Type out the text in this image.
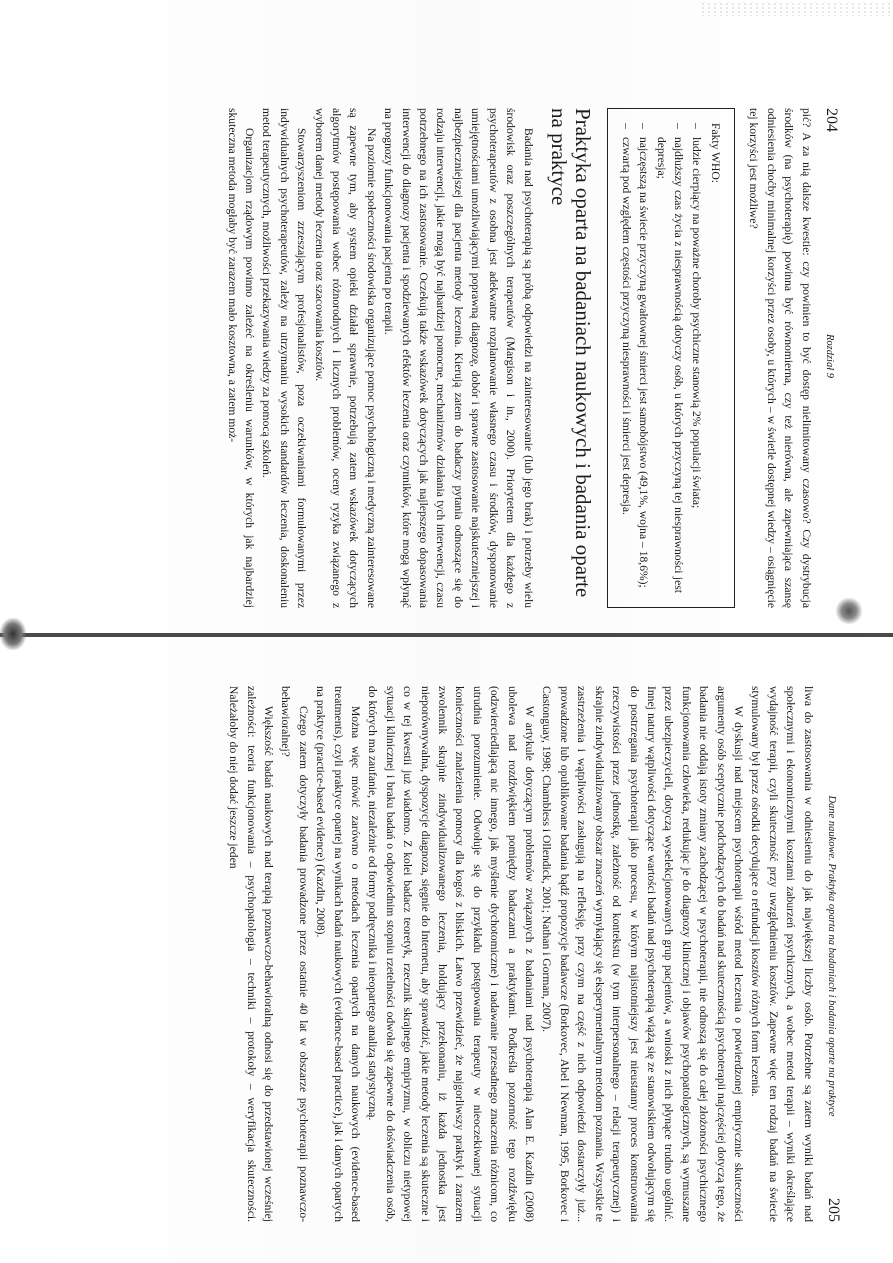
204
Rozdział 9

pić? A za nią dalsze kwestie: czy powinien to być dostęp nielimitowany czasowo? Czy dystrybucja środków (na psychoterapię) powinna być równomierna, czy też nierówna, ale zapewniająca szansę odniesienia choćby minimalnej korzyści przez osoby, u których – w świetle dostępnej wiedzy – osiągnięcie tej korzyści jest możliwe?

Fakty WHO:

– ludzie cierpiący na poważne choroby psychiczne stanowią 2% populacji świata;
– najdłuższy czas życia z niesprawnością dotyczy osób, u których przyczyną tej niesprawności jest depresja;
– najczęstszą na świecie przyczyną gwałtownej śmierci jest samobójstwo (49,1%, wojna – 18,6%);
– czwartą pod względem częstości przyczyną niesprawności i śmierci jest depresja.
Praktyka oparta na badaniach naukowych i badania oparte na praktyce

Badania nad psychoterapią są próbą odpowiedzi na zainteresowanie (lub jego brak) i potrzeby wielu środowisk oraz poszczególnych terapeutów (Margison i in., 2000). Priorytetem dla każdego z psychoterapeutów z osobna jest adekwatne rozplanowanie własnego czasu i środków, dysponowanie umiejętnościami umożliwiającymi poprawną diagnozę, dobór i sprawne zastosowanie najskuteczniejszej i najbezpieczniejszej dla pacjenta metody leczenia. Kierują zatem do badaczy pytania odnoszące się do rodzaju interwencji, jakie mogą być najbardziej pomocne, mechanizmów działania tych interwencji, czasu potrzebnego na ich zastosowanie. Oczekują także wskazówek dotyczących jak najlepszego dopasowania interwencji do diagnozy pacjenta i spodziewanych efektów leczenia oraz czynników, które mogą wpłynąć na prognozy funkcjonowania pacjenta po terapii.

Na poziomie społeczności środowiska organizujące pomoc psychologiczną i medyczną zainteresowane są zapewne tym, aby system opieki działał sprawnie, potrzebują zatem wskazówek dotyczących algorytmów postępowania wobec różnorodnych i licznych problemów, oceny ryzyka związanego z wyborem danej metody leczenia oraz szacowania kosztów.

Stowarzyszeniom zrzeszającym profesjonalistów, poza oczekiwaniami formułowanymi przez indywidualnych psychoterapeutów, zależy na utrzymaniu wysokich standardów leczenia, doskonaleniu metod terapeutycznych, możliwości przekazywania wiedzy za pomocą szkoleń.

Organizacjom rządowym powinno zależeć na określeniu warunków, w których jak najbardziej skuteczna metoda mogłaby być zarazem mało kosztowna, a zatem moż-

Dane naukowe. Praktyka oparta na badaniach i badania oparte na praktyce
205

liwa do zastosowania w odniesieniu do jak największej liczby osób. Potrzebne są zatem wyniki badań nad społecznymi i ekonomicznymi kosztami zaburzeń psychicznych, a wobec metod terapii – wyniki określające wydajność terapii, czyli skuteczność przy uwzględnieniu kosztów. Zapewne więc ten rodzaj badań na świecie stymulowany był przez ośrodki decydujące o refundacji kosztów różnych form leczenia.

W dyskusji nad miejscem psychoterapii wśród metod leczenia o potwierdzonej empirycznie skuteczności argumenty osób sceptycznie podchodzących do badań nad skutecznością psychoterapii najczęściej dotyczą tego, że badania nie oddają istoty zmiany zachodzącej w psychoterapii, nie odnoszą się do całej złożoności psychicznego funkcjonowania człowieka, redukując je do diagnozy klinicznej i objawów psychopatologicznych, są wymuszane przez ubezpieczycieli, dotyczą wyselekcjonowanych grup pacjentów, a wnioski z nich płynące trudno uogólnić. Innej natury wątpliwości dotyczące wartości badań nad psychoterapią wiążą się ze stanowiskiem odwołującym się do postrzegania psychoterapii jako procesu, w którym najistotniejszy jest nieustanny proces konstruowania rzeczywistości przez jednostkę, zależność od kontekstu (w tym interpersonalnego – relacji terapeutycznej) i skrajnie zindywidualizowany obszar znaczeń wymykający się eksperymentalnym metodom poznania. Wszystkie te zastrzeżenia i wątpliwości zasługują na refleksję, przy czym na część z nich odpowiedzi dostarczyły już... prowadzone lub opublikowane badania bądź propozycje badawcze (Borkovec, Abel i Newman, 1995, Borkovec i Castonguay, 1998; Chambless i Ollendick, 2001; Nathan i Gorman, 2007).

W artykule dotyczącym problemów związanych z badaniami nad psychoterapią Alan E. Kazdin (2008) ubolewa nad rozdźwiękiem pomiędzy badaczami a praktykami. Podkreśla pozorność tego rozdźwięku (odzwierciedlającą nic innego, jak myślenie dychotomiczne) i nadawanie przesadnego znaczenia różnicom, co utrudnia porozumienie. Odwołuje się do przykładu postępowania terapeuty w nieoczekiwanej sytuacji konieczności znalezienia pomocy dla kogoś z bliskich. Łatwo przewidzieć, że najgorliwszy praktyk i zarazem zwolennik skrajnie zindywidualizowanego leczenia, holdujący przekonaniu, iż każda jednostka jest nieporównywalna, dyspozycje diagnoza, sięgnie do Internetu, aby sprawdzić, jakie metody leczenia są skuteczne i co w tej kwestii już wiadomo. Z kolei badacz teoretyk, rzecznik skrajnego empiryzmu, w obliczu nietypowej sytuacji klinicznej i braku badań o odpowiednim stopniu rzetelności odwoła się zapewne do doświadczenia osób, do których ma zaufanie, niezależnie od formy podręcznika i nieopartego analizą statystyczną.

Można więc mówić zarówno o metodach leczenia opartych na danych naukowych (evidence-based treatments), czyli praktyce opartej na wynikach badań naukowych (evidence-based practice), jak i danych opartych na praktyce (practice-based evidence) (Kazdin, 2008).

Czego zatem dotyczyły badania prowadzone przez ostatnie 40 lat w obszarze psychoterapii poznawczo-behawioralnej?

Większość badań naukowych nad terapią poznawczo-behawioralną odnosi się do przedstawionej wcześniej zależności: teoria funkcjonowania – psychopatologia – techniki – protokoły – weryfikacja skuteczności. Należałoby do niej dodać jeszcze jeden
